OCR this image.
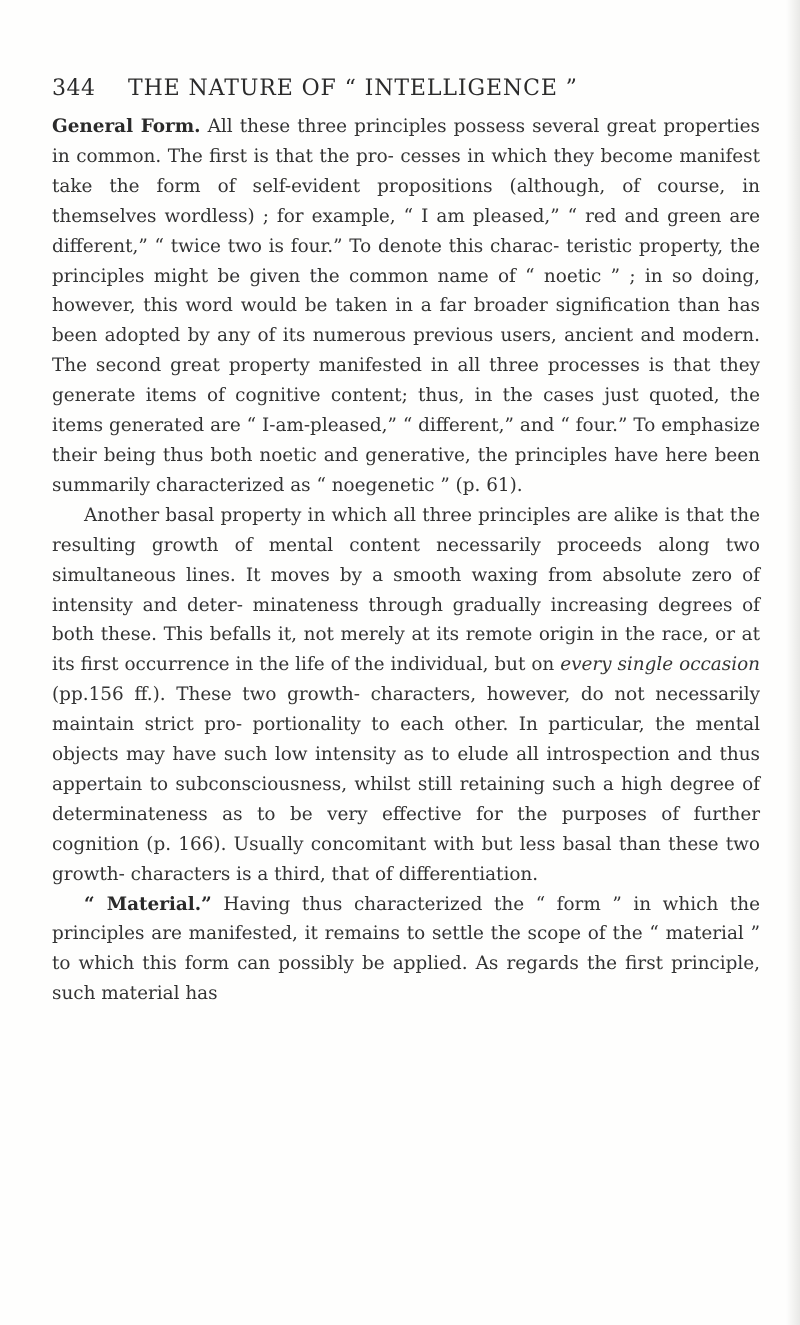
344 THE NATURE OF “ INTELLIGENCE ”

General Form. All these three principles possess several great properties in common. The first is that the pro- cesses in which they become manifest take the form of self-evident propositions (although, of course, in themselves wordless) ; for example, “ I am pleased,” “ red and green are different,” “ twice two is four.” To denote this charac- teristic property, the principles might be given the common name of “ noetic ” ; in so doing, however, this word would be taken in a far broader signification than has been adopted by any of its numerous previous users, ancient and modern. The second great property manifested in all three processes is that they generate items of cognitive content; thus, in the cases just quoted, the items generated are “ I-am-pleased,” “ different,” and “ four.” To emphasize their being thus both noetic and generative, the principles have here been summarily characterized as “ noegenetic ” (p. 61).

Another basal property in which all three principles are alike is that the resulting growth of mental content necessarily proceeds along two simultaneous lines. It moves by a smooth waxing from absolute zero of intensity and deter- minateness through gradually increasing degrees of both these. This befalls it, not merely at its remote origin in the race, or at its first occurrence in the life of the individual, but on every single occasion (pp.156 ff.). These two growth- characters, however, do not necessarily maintain strict pro- portionality to each other. In particular, the mental objects may have such low intensity as to elude all introspection and thus appertain to subconsciousness, whilst still retaining such a high degree of determinateness as to be very effective for the purposes of further cognition (p. 166). Usually concomitant with but less basal than these two growth- characters is a third, that of differentiation.

“ Material.” Having thus characterized the “ form ” in which the principles are manifested, it remains to settle the scope of the “ material ” to which this form can possibly be applied. As regards the first principle, such material has
